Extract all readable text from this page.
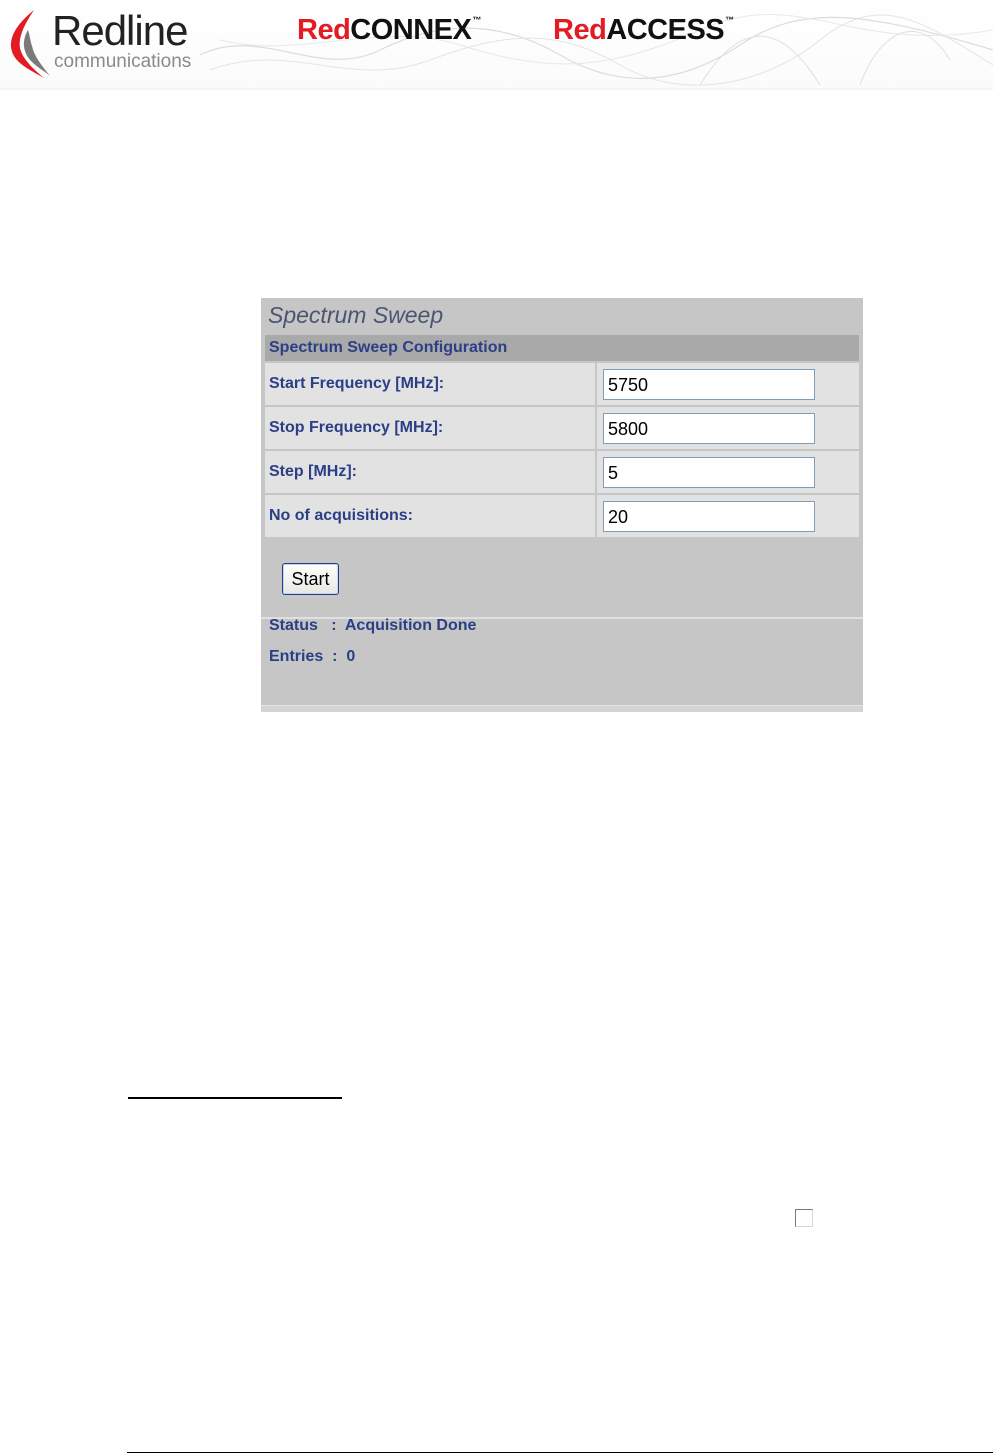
Redline
communications
RedCONNEX™ RedACCESS™
Spectrum Sweep
Spectrum Sweep Configuration
Start Frequency [MHz]:
5750
Stop Frequency [MHz]:
5800
Step [MHz]:
5
No of acquisitions:
20
Start
Status   :  Acquisition Done
Entries  :  0
